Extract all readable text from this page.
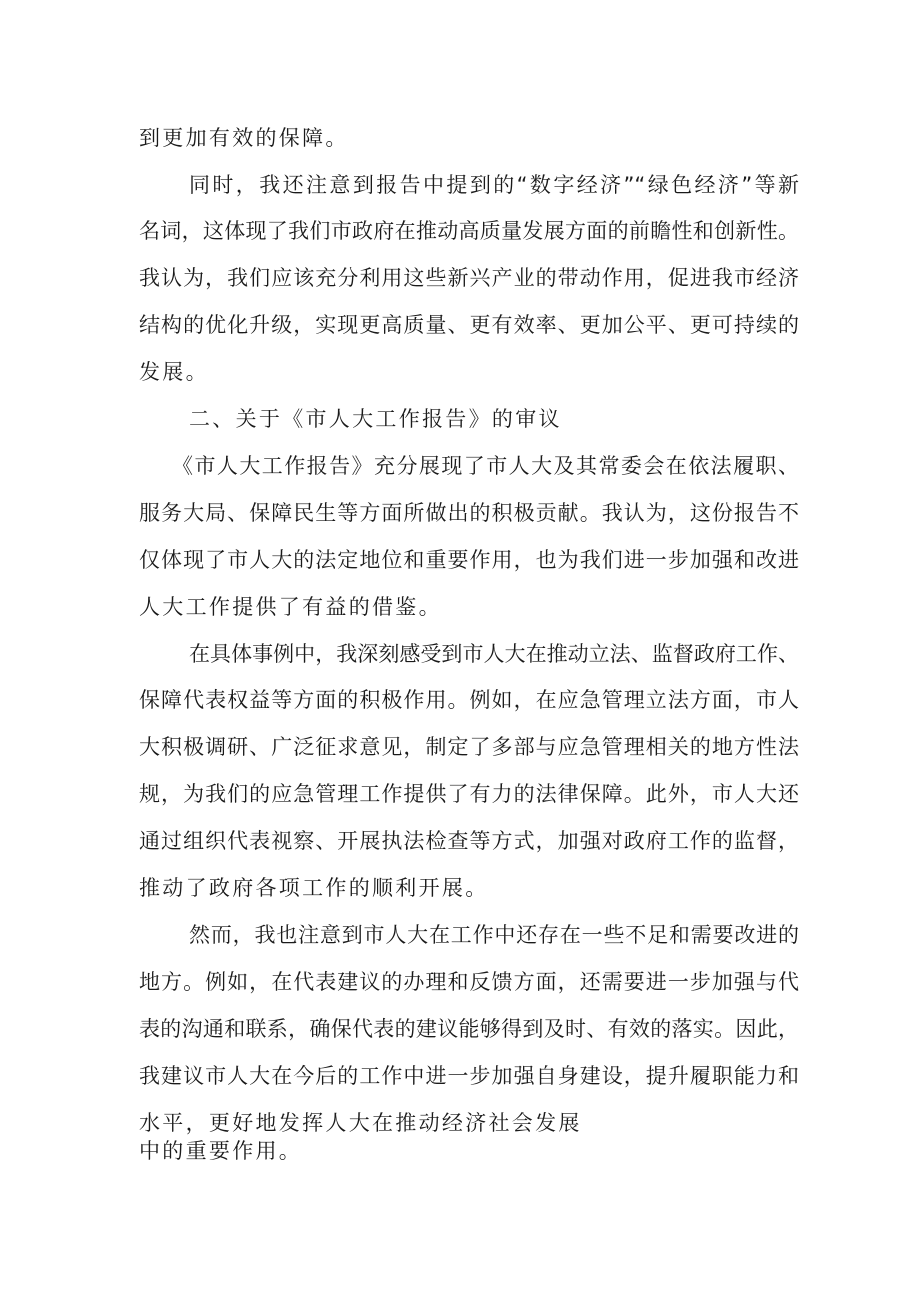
到更加有效的保障。
同时，我还注意到报告中提到的“数字经济”“绿色经济”等新
名词，这体现了我们市政府在推动高质量发展方面的前瞻性和创新性。
我认为，我们应该充分利用这些新兴产业的带动作用，促进我市经济
结构的优化升级，实现更高质量、更有效率、更加公平、更可持续的
发展。
二、关于《市人大工作报告》的审议
《市人大工作报告》充分展现了市人大及其常委会在依法履职、
服务大局、保障民生等方面所做出的积极贡献。我认为，这份报告不
仅体现了市人大的法定地位和重要作用，也为我们进一步加强和改进
人大工作提供了有益的借鉴。
在具体事例中，我深刻感受到市人大在推动立法、监督政府工作、
保障代表权益等方面的积极作用。例如，在应急管理立法方面，市人
大积极调研、广泛征求意见，制定了多部与应急管理相关的地方性法
规，为我们的应急管理工作提供了有力的法律保障。此外，市人大还
通过组织代表视察、开展执法检查等方式，加强对政府工作的监督，
推动了政府各项工作的顺利开展。
然而，我也注意到市人大在工作中还存在一些不足和需要改进的
地方。例如，在代表建议的办理和反馈方面，还需要进一步加强与代
表的沟通和联系，确保代表的建议能够得到及时、有效的落实。因此，
我建议市人大在今后的工作中进一步加强自身建设，提升履职能力和
水平，更好地发挥人大在推动经济社会发展
中的重要作用。
